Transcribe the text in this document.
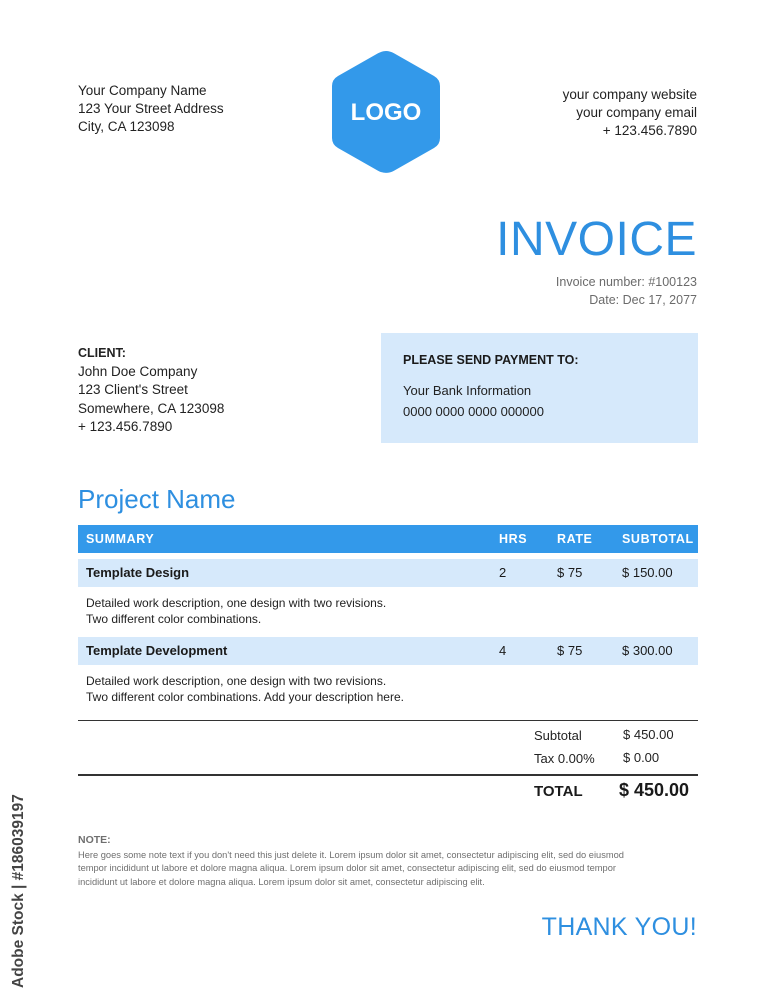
Your Company Name
123 Your Street Address
City, CA 123098
LOGO
your company website
your company email
+ 123.456.7890
INVOICE
Invoice number: #100123
Date: Dec 17, 2077
CLIENT:
John Doe Company
123 Client's Street
Somewhere, CA 123098
+ 123.456.7890
PLEASE SEND PAYMENT TO:
Your Bank Information
0000 0000 0000 000000
Project Name
SUMMARY	HRS RATE SUBTOTAL
Template Design	2	$ 75	$ 150.00
Detailed work description, one design with two revisions.
Two different color combinations.
Template Development	4	$ 75	$ 300.00
Detailed work description, one design with two revisions.
Two different color combinations. Add your description here.
Subtotal	$ 450.00
Tax 0.00% $ 0.00
TOTAL $ 450.00
NOTE:
Here goes some note text if you don't need this just delete it. Lorem ipsum dolor sit amet, consectetur adipiscing elit, sed do eiusmod
tempor incididunt ut labore et dolore magna aliqua. Lorem ipsum dolor sit amet, consectetur adipiscing elit, sed do eiusmod tempor
incididunt ut labore et dolore magna aliqua. Lorem ipsum dolor sit amet, consectetur adipiscing elit.
THANK YOU!
Adobe Stock | #186039197
